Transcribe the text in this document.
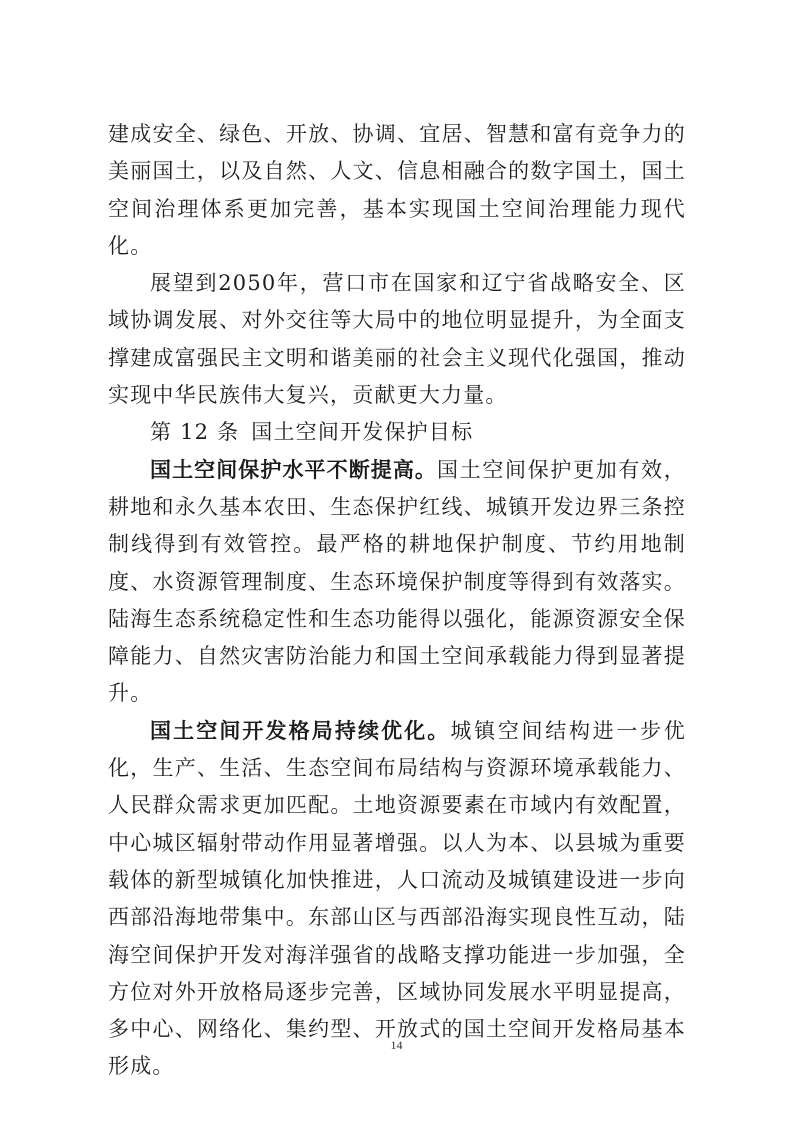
建成安全、绿色、开放、协调、宜居、智慧和富有竞争力的美丽国土，以及自然、人文、信息相融合的数字国土，国土空间治理体系更加完善，基本实现国土空间治理能力现代化。

展望到2050年，营口市在国家和辽宁省战略安全、区域协调发展、对外交往等大局中的地位明显提升，为全面支撑建成富强民主文明和谐美丽的社会主义现代化强国，推动实现中华民族伟大复兴，贡献更大力量。

第 12 条 国土空间开发保护目标

国土空间保护水平不断提高。国土空间保护更加有效，耕地和永久基本农田、生态保护红线、城镇开发边界三条控制线得到有效管控。最严格的耕地保护制度、节约用地制度、水资源管理制度、生态环境保护制度等得到有效落实。陆海生态系统稳定性和生态功能得以强化，能源资源安全保障能力、自然灾害防治能力和国土空间承载能力得到显著提升。

国土空间开发格局持续优化。城镇空间结构进一步优化，生产、生活、生态空间布局结构与资源环境承载能力、人民群众需求更加匹配。土地资源要素在市域内有效配置，中心城区辐射带动作用显著增强。以人为本、以县城为重要载体的新型城镇化加快推进，人口流动及城镇建设进一步向西部沿海地带集中。东部山区与西部沿海实现良性互动，陆海空间保护开发对海洋强省的战略支撑功能进一步加强，全方位对外开放格局逐步完善，区域协同发展水平明显提高，多中心、网络化、集约型、开放式的国土空间开发格局基本形成。

14
